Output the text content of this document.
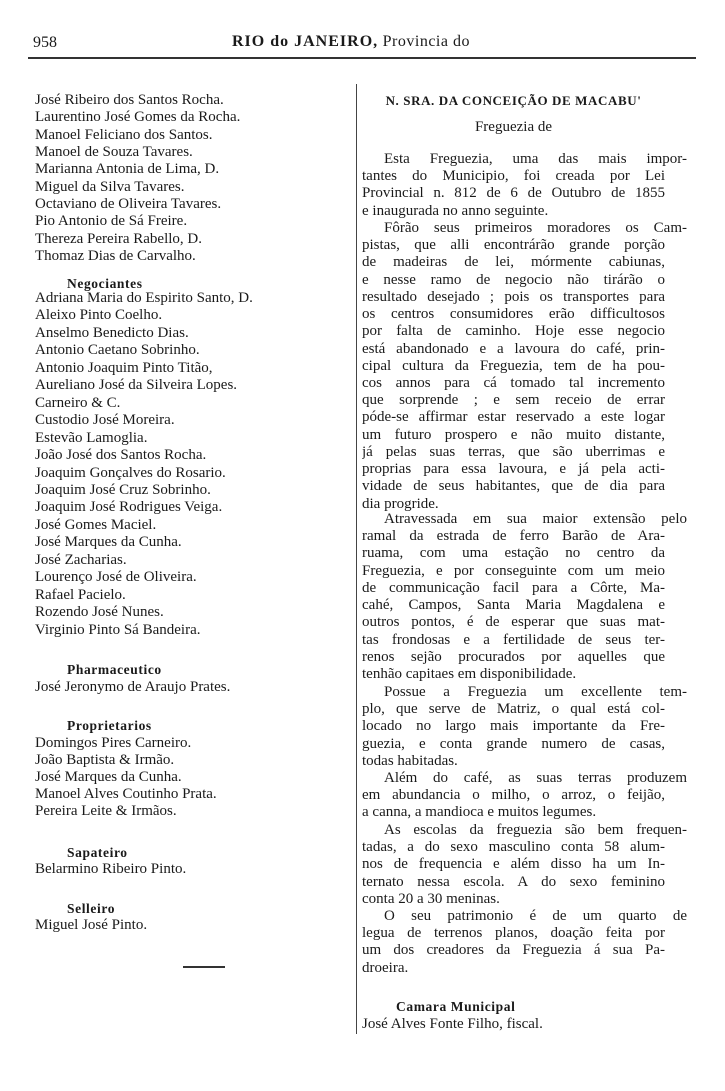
958	RIO do JANEIRO, Provincia do
José Ribeiro dos Santos Rocha.
Laurentino José Gomes da Rocha.
Manoel Feliciano dos Santos.
Manoel de Souza Tavares.
Marianna Antonia de Lima, D.
Miguel da Silva Tavares.
Octaviano de Oliveira Tavares.
Pio Antonio de Sá Freire.
Thereza Pereira Rabello, D.
Thomaz Dias de Carvalho.
Negociantes
Adriana Maria do Espirito Santo, D.
Aleixo Pinto Coelho.
Anselmo Benedicto Dias.
Antonio Caetano Sobrinho.
Antonio Joaquim Pinto Titão,
Aureliano José da Silveira Lopes.
Carneiro & C.
Custodio José Moreira.
Estevão Lamoglia.
João José dos Santos Rocha.
Joaquim Gonçalves do Rosario.
Joaquim José Cruz Sobrinho.
Joaquim José Rodrigues Veiga.
José Gomes Maciel.
José Marques da Cunha.
José Zacharias.
Lourenço José de Oliveira.
Rafael Pacielo.
Rozendo José Nunes.
Virginio Pinto Sá Bandeira.
Pharmaceutico
José Jeronymo de Araujo Prates.
Proprietarios
Domingos Pires Carneiro.
João Baptista & Irmão.
José Marques da Cunha.
Manoel Alves Coutinho Prata.
Pereira Leite & Irmãos.
Sapateiro
Belarmino Ribeiro Pinto.
Selleiro
Miguel José Pinto.
N. SRA. DA CONCEIÇÃO DE MACABU'
Freguezia de
Esta Freguezia, uma das mais impor-
tantes do Municipio, foi creada por Lei
Provincial n. 812 de 6 de Outubro de 1855
e inaugurada no anno seguinte.
Fôrão seus primeiros moradores os Cam-
pistas, que alli encontrárão grande porção
de madeiras de lei, mórmente cabiunas,
e nesse ramo de negocio não tirárão o
resultado desejado ; pois os transportes para
os centros consumidores erão difficultosos
por falta de caminho. Hoje esse negocio
está abandonado e a lavoura do café, prin-
cipal cultura da Freguezia, tem de ha pou-
cos annos para cá tomado tal incremento
que sorprende ; e sem receio de errar
póde-se affirmar estar reservado a este logar
um futuro prospero e não muito distante,
já pelas suas terras, que são uberrimas e
proprias para essa lavoura, e já pela acti-
vidade de seus habitantes, que de dia para
dia progride.
Atravessada em sua maior extensão pelo
ramal da estrada de ferro Barão de Ara-
ruama, com uma estação no centro da
Freguezia, e por conseguinte com um meio
de communicação facil para a Côrte, Ma-
cahé, Campos, Santa Maria Magdalena e
outros pontos, é de esperar que suas mat-
tas frondosas e a fertilidade de seus ter-
renos sejão procurados por aquelles que
tenhão capitaes em disponibilidade.
Possue a Freguezia um excellente tem-
plo, que serve de Matriz, o qual está col-
locado no largo mais importante da Fre-
guezia, e conta grande numero de casas,
todas habitadas.
Além do café, as suas terras produzem
em abundancia o milho, o arroz, o feijão,
a canna, a mandioca e muitos legumes.
As escolas da freguezia são bem frequen-
tadas, a do sexo masculino conta 58 alum-
nos de frequencia e além disso ha um In-
ternato nessa escola. A do sexo feminino
conta 20 a 30 meninas.
O seu patrimonio é de um quarto de
legua de terrenos planos, doação feita por
um dos creadores da Freguezia á sua Pa-
droeira.
Camara Municipal
José Alves Fonte Filho, fiscal.
